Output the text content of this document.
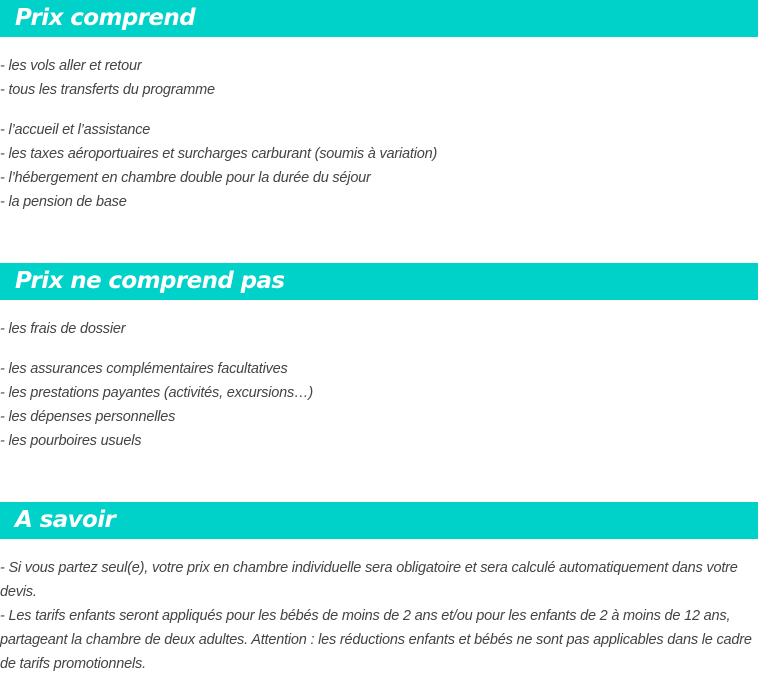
Prix comprend

- les vols aller et retour

- tous les transferts du programme

- l’accueil et l’assistance

- les taxes aéroportuaires et surcharges carburant (soumis à variation)

- l’hébergement en chambre double pour la durée du séjour

- la pension de base

Prix ne comprend pas

- les frais de dossier

- les assurances complémentaires facultatives

- les prestations payantes (activités, excursions…)

- les dépenses personnelles

- les pourboires usuels

A savoir

- Si vous partez seul(e), votre prix en chambre individuelle sera obligatoire et sera calculé automatiquement dans votre devis.

- Les tarifs enfants seront appliqués pour les bébés de moins de 2 ans et/ou pour les enfants de 2 à moins de 12 ans, partageant la chambre de deux adultes. Attention : les réductions enfants et bébés ne sont pas applicables dans le cadre de tarifs promotionnels.
